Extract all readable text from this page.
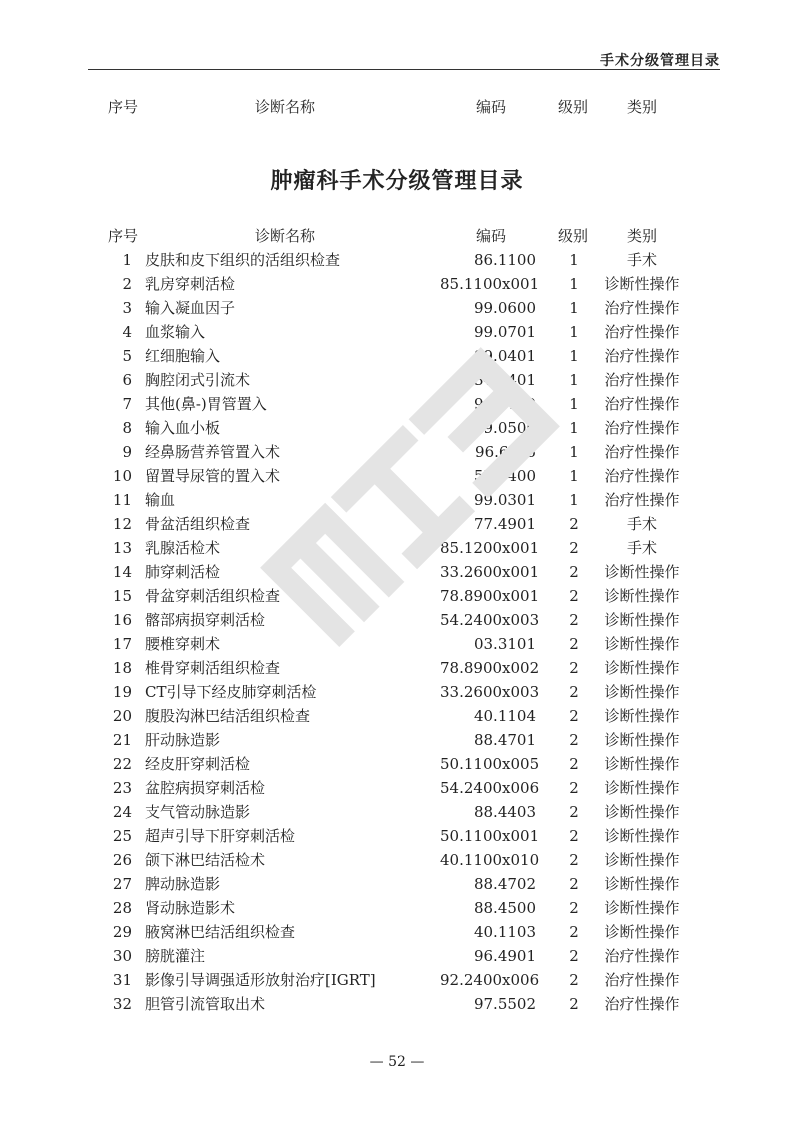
手术分级管理目录
序号	诊断名称	编码	级别	类别
肿瘤科手术分级管理目录
序号	诊断名称	编码	级别	类别
1 皮肤和皮下组织的活组织检查	86.1100	1	手术
2 乳房穿刺活检	85.1100x001	1	诊断性操作
3 输入凝血因子	99.0600	1	治疗性操作
4 血浆输入	99.0701	1	治疗性操作
5 红细胞输入	99.0401	1	治疗性操作
6 胸腔闭式引流术	34.0401	1	治疗性操作
7 其他(鼻-)胃管置入	96.0700	1	治疗性操作
8 输入血小板	99.0500	1	治疗性操作
9 经鼻肠营养管置入术	96.6x05	1	治疗性操作
10 留置导尿管的置入术	57.9400	1	治疗性操作
11 输血	99.0301	1	治疗性操作
12 骨盆活组织检查	77.4901	2	手术
13 乳腺活检术	85.1200x001	2	手术
14 肺穿刺活检	33.2600x001	2	诊断性操作
15 骨盆穿刺活组织检查	78.8900x001	2	诊断性操作
16 髂部病损穿刺活检	54.2400x003	2	诊断性操作
17 腰椎穿刺术	03.3101	2	诊断性操作
18 椎骨穿刺活组织检查	78.8900x002	2	诊断性操作
19 CT引导下经皮肺穿刺活检	33.2600x003	2	诊断性操作
20 腹股沟淋巴结活组织检查	40.1104	2	诊断性操作
21 肝动脉造影	88.4701	2	诊断性操作
22 经皮肝穿刺活检	50.1100x005	2	诊断性操作
23 盆腔病损穿刺活检	54.2400x006	2	诊断性操作
24 支气管动脉造影	88.4403	2	诊断性操作
25 超声引导下肝穿刺活检	50.1100x001	2	诊断性操作
26 颌下淋巴结活检术	40.1100x010	2	诊断性操作
27 脾动脉造影	88.4702	2	诊断性操作
28 肾动脉造影术	88.4500	2	诊断性操作
29 腋窝淋巴结活组织检查	40.1103	2	诊断性操作
30 膀胱灌注	96.4901	2	治疗性操作
31 影像引导调强适形放射治疗[IGRT]	92.2400x006	2	治疗性操作
32 胆管引流管取出术	97.5502	2	治疗性操作
— 52 —
